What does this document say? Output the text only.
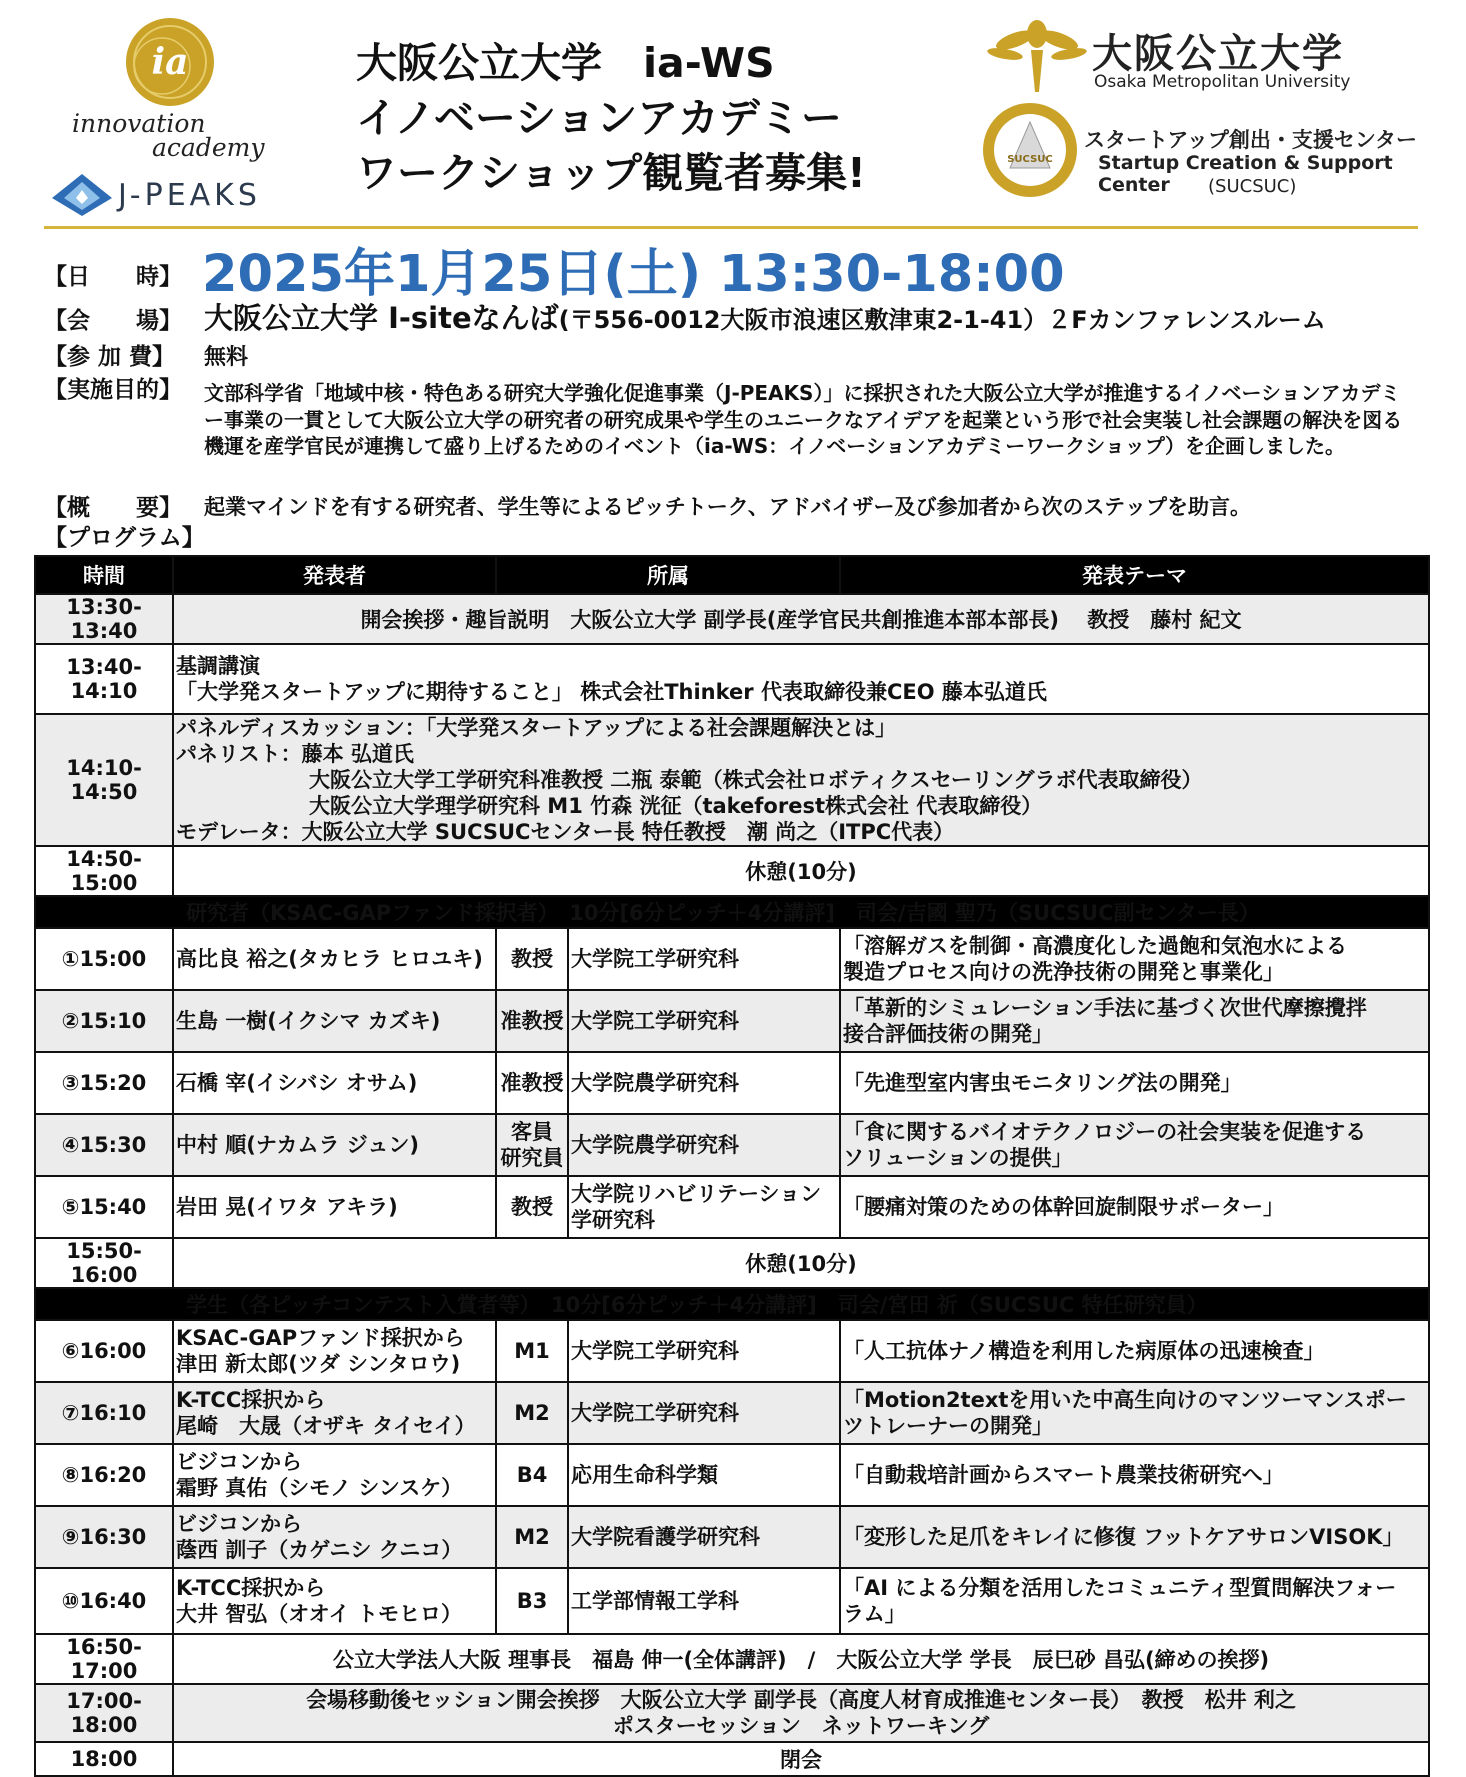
ia
innovation
academy
J-PEAKS
大阪公立大学　ia-WS
イノベーションアカデミー
ワークショップ観覧者募集!
大阪公立大学
Osaka Metropolitan University
SUCSUC
スタートアップ創出・支援センター
Startup Creation & Support Center	(SUCSUC)
【日　　時】 2025年1月25日(土) 13:30-18:00
【会　　場】 大阪公立大学 I-siteなんば(〒556-0012大阪市浪速区敷津東2-1-41）２Fカンファレンスルーム
【参 加 費】 無料
【実施目的】 文部科学省「地域中核・特色ある研究大学強化促進事業（J-PEAKS）」に採択された大阪公立大学が推進するイノベーションアカデミー事業の一貫として大阪公立大学の研究者の研究成果や学生のユニークなアイデアを起業という形で社会実装し社会課題の解決を図る機運を産学官民が連携して盛り上げるためのイベント（ia-WS：イノベーションアカデミーワークショップ）を企画しました。
【概　　要】 起業マインドを有する研究者、学生等によるピッチトーク、アドバイザー及び参加者から次のステップを助言。
【プログラム】
時間	発表者	所属		発表テーマ
13:30-13:40	開会挨拶・趣旨説明　大阪公立大学 副学長(産学官民共創推進本部本部長)　 教授　藤村 紀文			
13:40-14:10	基調講演
「大学発スタートアップに期待すること」 株式会社Thinker 代表取締役兼CEO 藤本弘道氏			

14:10-14:50	パネルディスカッション：「大学発スタートアップによる社会課題解決とは」
パネリスト：藤本 弘道氏
大阪公立大学工学研究科准教授 二瓶 泰範（株式会社ロボティクスセーリングラボ代表取締役）
大阪公立大学理学研究科 M1 竹森 洸征（takeforest株式会社 代表取締役）
モデレータ：大阪公立大学 SUCSUCセンター長 特任教授　潮 尚之（ITPC代表）			

14:50-15:00	休憩(10分)			
研究者（KSAC-GAPファンド採択者）　10分[6分ピッチ＋4分講評]　司会/吉國 聖乃（SUCSUC副センター長）				
①15:00	高比良 裕之(タカヒラ ヒロユキ)	教授	大学院工学研究科	「溶解ガスを制御・高濃度化した過飽和気泡水による
製造プロセス向けの洗浄技術の開発と事業化」
②15:10	生島 一樹(イクシマ カズキ)	准教授	大学院工学研究科	「革新的シミュレーション手法に基づく次世代摩擦攪拌
接合評価技術の開発」
③15:20	石橋 宰(イシバシ オサム)	准教授	大学院農学研究科	「先進型室内害虫モニタリング法の開発」
④15:30	中村 順(ナカムラ ジュン)	客員
研究員	大学院農学研究科	「食に関するバイオテクノロジーの社会実装を促進する
ソリューションの提供」
⑤15:40	岩田 晃(イワタ アキラ)	教授	大学院リハビリテーション
学研究科	「腰痛対策のための体幹回旋制限サポーター」
15:50-16:00	休憩(10分)			
学生（各ピッチコンテスト入賞者等）　10分[6分ピッチ＋4分講評]　司会/宮田 祈（SUCSUC 特任研究員）				
⑥16:00	KSAC-GAPファンド採択から
津田 新太郎(ツダ シンタロウ)	M1	大学院工学研究科	「人工抗体ナノ構造を利用した病原体の迅速検査」
⑦16:10	K-TCC採択から
尾崎　大晟（オザキ タイセイ）	M2	大学院工学研究科	「Motion2textを用いた中高生向けのマンツーマンスポー
ツトレーナーの開発」
⑧16:20	ビジコンから
霜野 真佑（シモノ シンスケ）	B4	応用生命科学類	「自動栽培計画からスマート農業技術研究へ」
⑨16:30	ビジコンから
蔭西 訓子（カゲニシ クニコ）	M2	大学院看護学研究科	「変形した足爪をキレイに修復 フットケアサロンVISOK」
⑩16:40	K-TCC採択から
大井 智弘（オオイ トモヒロ）	B3	工学部情報工学科	「AI による分類を活用したコミュニティ型質問解決フォー
ラム」
16:50-17:00	公立大学法人大阪 理事長　福島 伸一(全体講評)　/　大阪公立大学 学長　辰巳砂 昌弘(締めの挨拶)			
17:00-18:00	会場移動後セッション開会挨拶　大阪公立大学 副学長（高度人材育成推進センター長）　教授　松井 利之
ポスターセッション　ネットワーキング			

18:00	閉会			
